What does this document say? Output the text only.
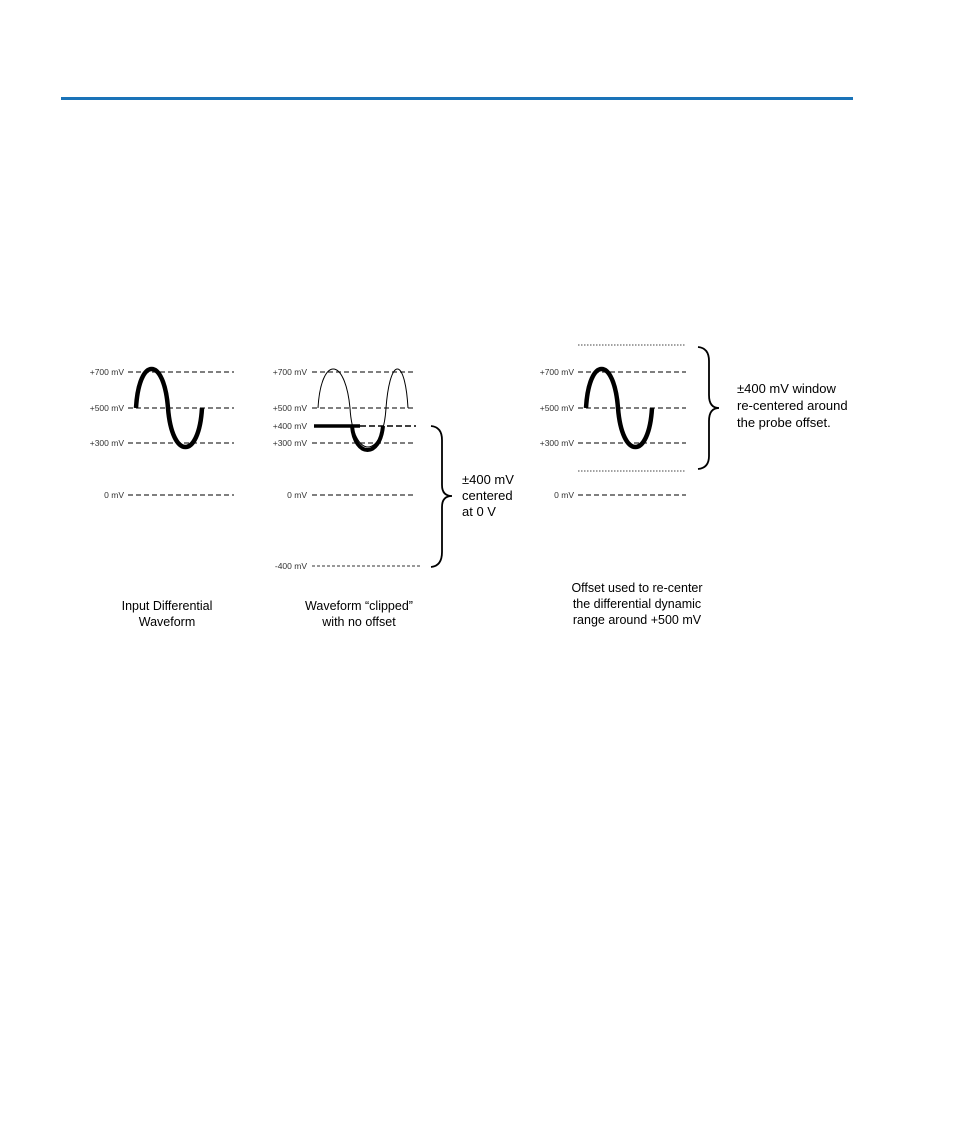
+700 mV
+500 mV
+300 mV
0 mV
Input Differential
Waveform
+700 mV
+500 mV
+400 mV
+300 mV
0 mV
-400 mV
±400 mV
centered
at 0 V
Waveform “clipped”
with no offset
+700 mV
+500 mV
+300 mV
0 mV
±400 mV window
re-centered around
the probe offset.
Offset used to re-center
the differential dynamic
range around +500 mV
